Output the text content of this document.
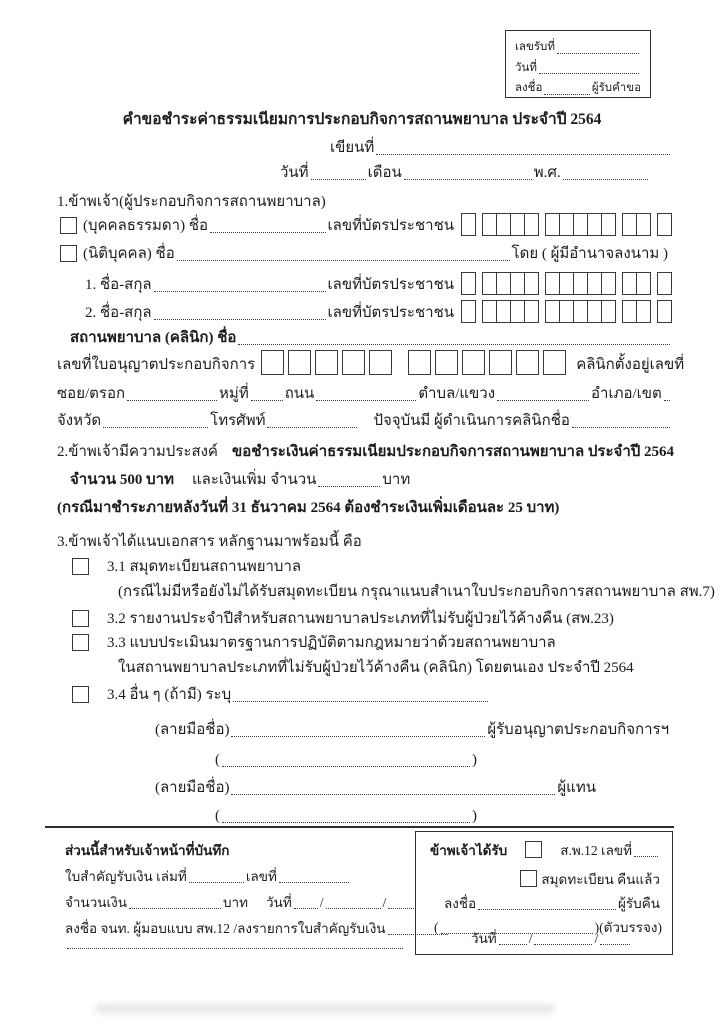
เลขรับที่
วันที่
ลงชื่อ	ผู้รับคำขอ
คำขอชำระค่าธรรมเนียมการประกอบกิจการสถานพยาบาล ประจำปี 2564
เขียนที่
วันที่	เดือน	พ.ศ.
1.ข้าพเจ้า(ผู้ประกอบกิจการสถานพยาบาล)
(บุคคลธรรมดา) ชื่อ	เลขที่บัตรประชาชน
(นิติบุคคล) ชื่อ	โดย ( ผู้มีอำนาจลงนาม )
1. ชื่อ-สกุล	เลขที่บัตรประชาชน
2. ชื่อ-สกุล	เลขที่บัตรประชาชน
สถานพยาบาล (คลินิก) ชื่อ
เลขที่ใบอนุญาตประกอบกิจการ	คลินิกตั้งอยู่เลขที่
ซอย/ตรอก	หมู่ที่ ถนน	ตำบล/แขวง	อำเภอ/เขต
จังหวัด	โทรศัพท์	ปัจจุบันมี ผู้ดำเนินการคลินิกชื่อ
2.ข้าพเจ้ามีความประสงค์ ขอชำระเงินค่าธรรมเนียมประกอบกิจการสถานพยาบาล ประจำปี 2564
จำนวน 500 บาท และเงินเพิ่ม จำนวน	บาท
(กรณีมาชำระภายหลังวันที่ 31 ธันวาคม 2564 ต้องชำระเงินเพิ่มเดือนละ 25 บาท)
3.ข้าพเจ้าได้แนบเอกสาร หลักฐานมาพร้อมนี้ คือ
3.1 สมุดทะเบียนสถานพยาบาล
(กรณีไม่มีหรือยังไม่ได้รับสมุดทะเบียน กรุณาแนบสำเนาใบประกอบกิจการสถานพยาบาล สพ.7)
3.2 รายงานประจำปีสำหรับสถานพยาบาลประเภทที่ไม่รับผู้ป่วยไว้ค้างคืน (สพ.23)
3.3 แบบประเมินมาตรฐานการปฏิบัติตามกฎหมายว่าด้วยสถานพยาบาล
ในสถานพยาบาลประเภทที่ไม่รับผู้ป่วยไว้ค้างคืน (คลินิก) โดยตนเอง ประจำปี 2564
3.4 อื่น ๆ (ถ้ามี) ระบุ
(ลายมือชื่อ)	ผู้รับอนุญาตประกอบกิจการฯ
(	)
(ลายมือชื่อ)	ผู้แทน
(	)
ส่วนนี้สำหรับเจ้าหน้าที่บันทึก
ใบสำคัญรับเงิน เล่มที่	เลขที่
จำนวนเงิน	บาท วันที่ /	/
ลงชื่อ จนท. ผู้มอบแบบ สพ.12 /ลงรายการใบสำคัญรับเงิน
ข้าพเจ้าได้รับ	ส.พ.12 เลขที่
สมุดทะเบียน คืนแล้ว
ลงชื่อ	ผู้รับคืน
(	) (ตัวบรรจง)
วันที่ /	/
